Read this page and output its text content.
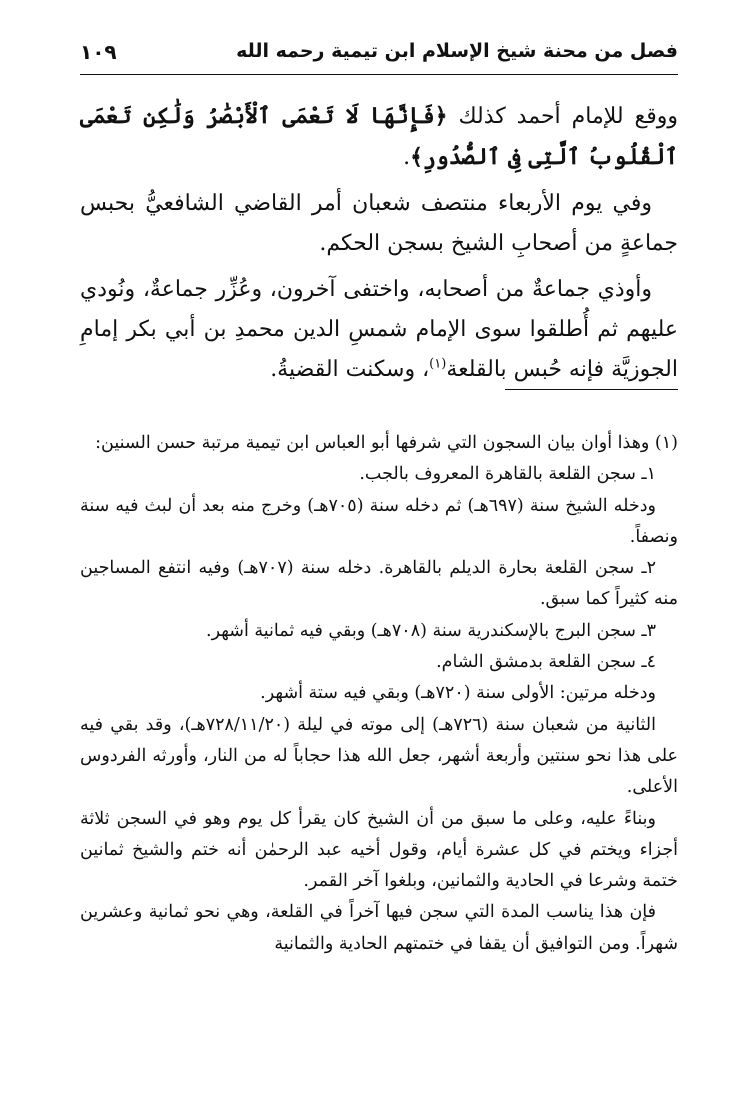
فصل من محنة شيخ الإسلام ابن تيمية رحمه الله
١٠٩

ووقع للإمام أحمد كذلك ﴿فَإِنَّهَا لَا تَعْمَى ٱلْأَبْصَٰرُ وَلَٰكِن تَعْمَى ٱلْقُلُوبُ ٱلَّتِى فِى ٱلصُّدُورِ﴾.

وفي يوم الأربعاء منتصف شعبان أمر القاضي الشافعيُّ بحبس جماعةٍ من أصحابِ الشيخ بسجن الحكم.

وأوذي جماعةٌ من أصحابه، واختفى آخرون، وعُزِّر جماعةٌ، ونُودي عليهم ثم أُطلقوا سوى الإمام شمسِ الدين محمدِ بن أبي بكر إمامِ الجوزيَّة فإنه حُبس بالقلعة$^{(١)}$، وسكنت القضيةُ.

(١) وهذا أوان بيان السجون التي شرفها أبو العباس ابن تيمية مرتبة حسن السنين:

١ـ سجن القلعة بالقاهرة المعروف بالجب.

ودخله الشيخ سنة (٦٩٧هـ) ثم دخله سنة (٧٠٥هـ) وخرج منه بعد أن لبث فيه سنة ونصفاً.

٢ـ سجن القلعة بحارة الديلم بالقاهرة. دخله سنة (٧٠٧هـ) وفيه انتفع المساجين منه كثيراً كما سبق.

٣ـ سجن البرج بالإسكندرية سنة (٧٠٨هـ) وبقي فيه ثمانية أشهر.

٤ـ سجن القلعة بدمشق الشام.

ودخله مرتين: الأولى سنة (٧٢٠هـ) وبقي فيه ستة أشهر.

الثانية من شعبان سنة (٧٢٦هـ) إلى موته في ليلة (٧٢٨/١١/٢٠هـ)، وقد بقي فيه على هذا نحو سنتين وأربعة أشهر، جعل الله هذا حجاباً له من النار، وأورثه الفردوس الأعلى.

وبناءً عليه، وعلى ما سبق من أن الشيخ كان يقرأ كل يوم وهو في السجن ثلاثة أجزاء ويختم في كل عشرة أيام، وقول أخيه عبد الرحمٰن أنه ختم والشيخ ثمانين ختمة وشرعا في الحادية والثمانين، وبلغوا آخر القمر.

فإن هذا يناسب المدة التي سجن فيها آخراً في القلعة، وهي نحو ثمانية وعشرين شهراً. ومن التوافيق أن يقفا في ختمتهم الحادية والثمانية
